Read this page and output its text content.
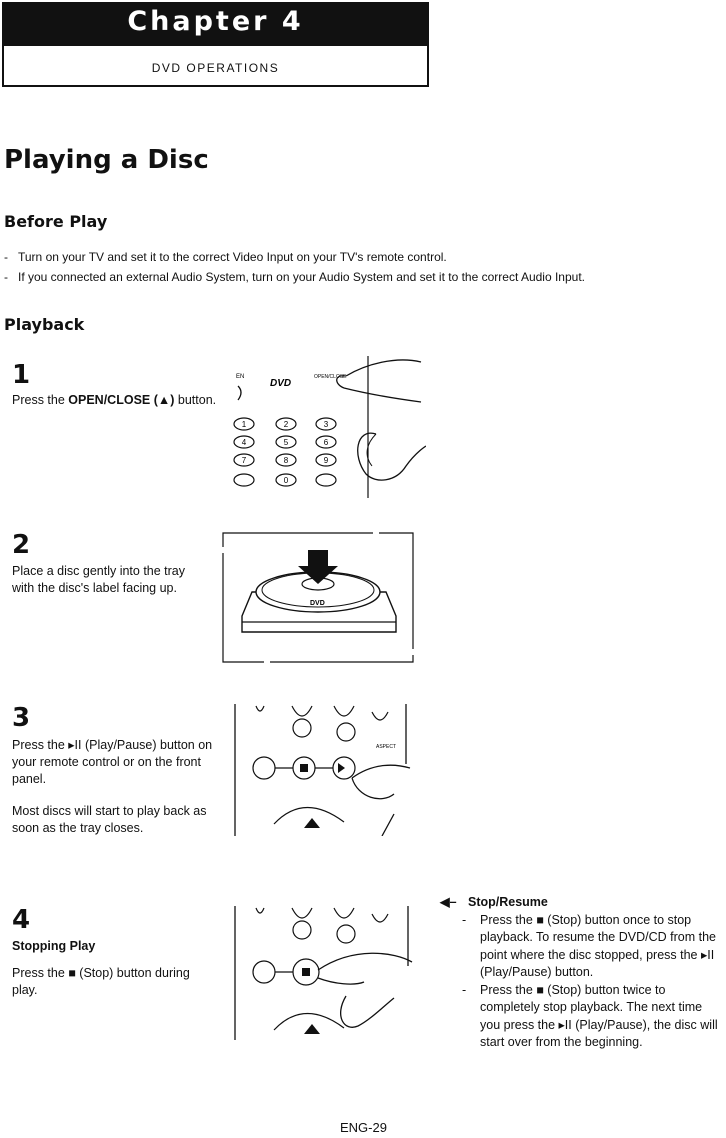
Chapter 4
DVD OPERATIONS
Playing a Disc
Before Play
- Turn on your TV and set it to the correct Video Input on your TV's remote control.
- If you connected an external Audio System, turn on your Audio System and set it to the correct Audio Input.
Playback
1
Press the OPEN/CLOSE (▲) button.
EN
DVD
OPEN/CLOSE
1	2	3
4	5	6
7	8	9
0
2
Place a disc gently into the tray with the disc's label facing up.
DVD
3
Press the ▸II (Play/Pause) button on your remote control or on the front panel.
Most discs will start to play back as soon as the tray closes.
ASPECT
4
Stopping Play
Press the ■ (Stop) button during play.
◀– Stop/Resume
-	Press the ■ (Stop) button once to stop playback. To resume the DVD/CD from the point where the disc stopped, press the ▸II (Play/Pause) button.
-	Press the ■ (Stop) button twice to completely stop playback. The next time you press the ▸II (Play/Pause), the disc will start over from the beginning.
ENG-29
